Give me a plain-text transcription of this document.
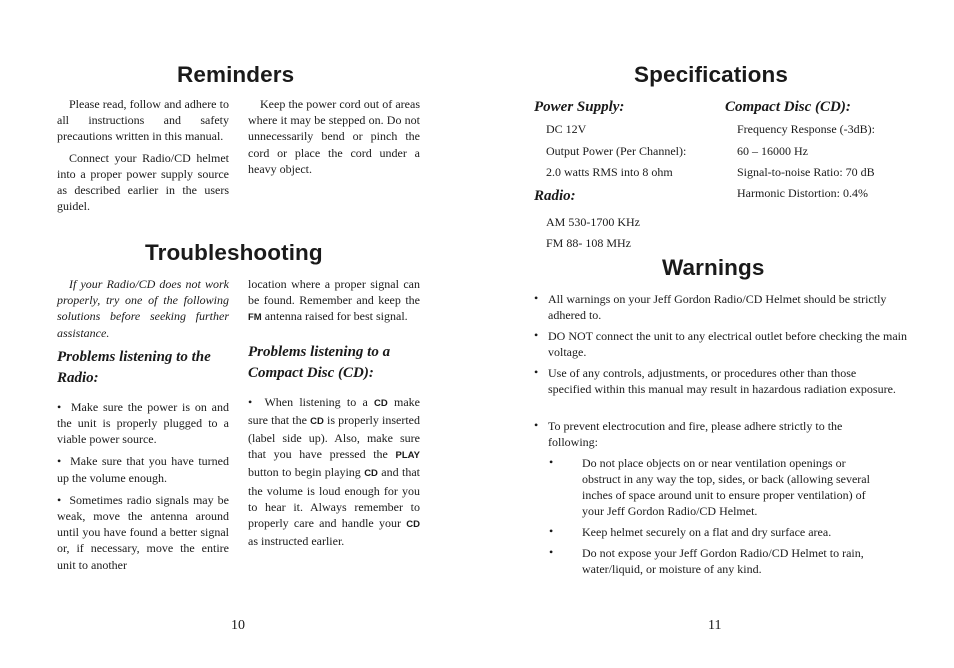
Reminders

Please read, follow and adhere to all instructions and safety precautions written in this manual.

Connect your Radio/CD helmet into a proper power supply source as described earlier in the users guidel.

Keep the power cord out of areas where it may be stepped on. Do not unnecessarily bend or pinch the cord or place the cord under a heavy object.

Troubleshooting

If your Radio/CD does not work properly, try one of the following solutions before seeking further assistance.

Problems listening to the Radio:

•  Make sure the power is on and the unit is properly plugged to a viable power source.

•  Make sure that you have turned up the volume enough.

•  Sometimes radio signals may be weak, move the antenna around until you have found a better signal or, if necessary, move the entire unit to another

location where a proper signal can be found. Remember and keep the FM antenna raised for best signal.

Problems listening to a Compact Disc (CD):

•  When listening to a CD make sure that the CD is properly inserted (label side up). Also, make sure that you have pressed the PLAY button to begin playing CD and that the volume is loud enough for you to hear it. Always remember to properly care and handle your CD as instructed earlier.

10
Specifications
Power Supply:
DC 12V
Output Power (Per Channel):
2.0 watts RMS into 8 ohm
Radio:
AM 530-1700 KHz
FM 88- 108 MHz
Compact Disc (CD):
Frequency Response (-3dB):
60 – 16000 Hz
Signal-to-noise Ratio: 70 dB
Harmonic Distortion: 0.4%
Warnings
• All warnings on your Jeff Gordon Radio/CD Helmet should be strictly adhered to.
• DO NOT connect the unit to any electrical outlet before checking the main voltage.
• Use of any controls, adjustments, or procedures other than those specified within this manual may result in hazardous radiation exposure.
• To prevent electrocution and fire, please adhere strictly to the following:
• Do not place objects on or near ventilation openings or obstruct in any way the top, sides, or back (allowing several inches of space around unit to ensure proper ventilation) of your Jeff Gordon Radio/CD Helmet.
• Keep helmet securely on a flat and dry surface area.
• Do not expose your Jeff Gordon Radio/CD Helmet to rain, water/liquid, or moisture of any kind.
11
